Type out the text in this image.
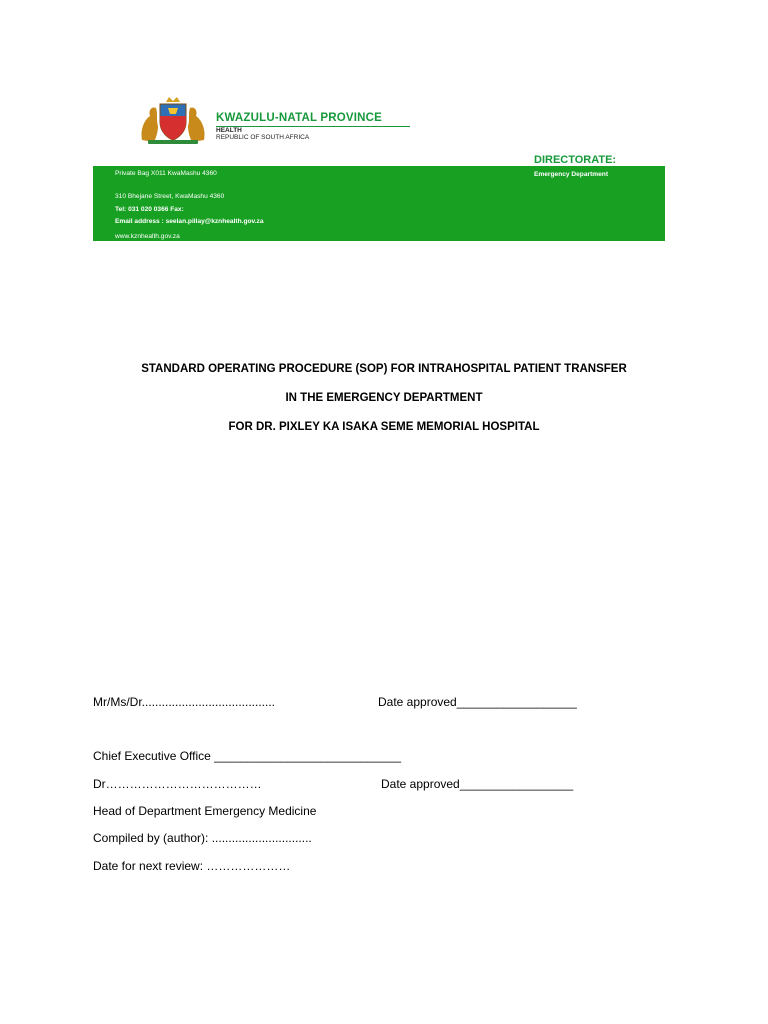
KWAZULU-NATAL PROVINCE
HEALTH
REPUBLIC OF SOUTH AFRICA
DIRECTORATE:
Private Bag X011 KwaMashu 4360
310 Bhejane Street, KwaMashu 4360
Tel: 031 020 0366 Fax:
Email address : seelan.pillay@kznhealth.gov.za
www.kznhealth.gov.za
Emergency Department
STANDARD OPERATING PROCEDURE (SOP) FOR INTRAHOSPITAL PATIENT TRANSFER
IN THE EMERGENCY DEPARTMENT
FOR DR. PIXLEY KA ISAKA SEME MEMORIAL HOSPITAL
Mr/Ms/Dr........................................	Date approved__________________
Chief Executive Office ____________________________
Dr…………………………………	Date approved_________________
Head of Department Emergency Medicine
Compiled by (author): ..............................
Date for next review: …………………
